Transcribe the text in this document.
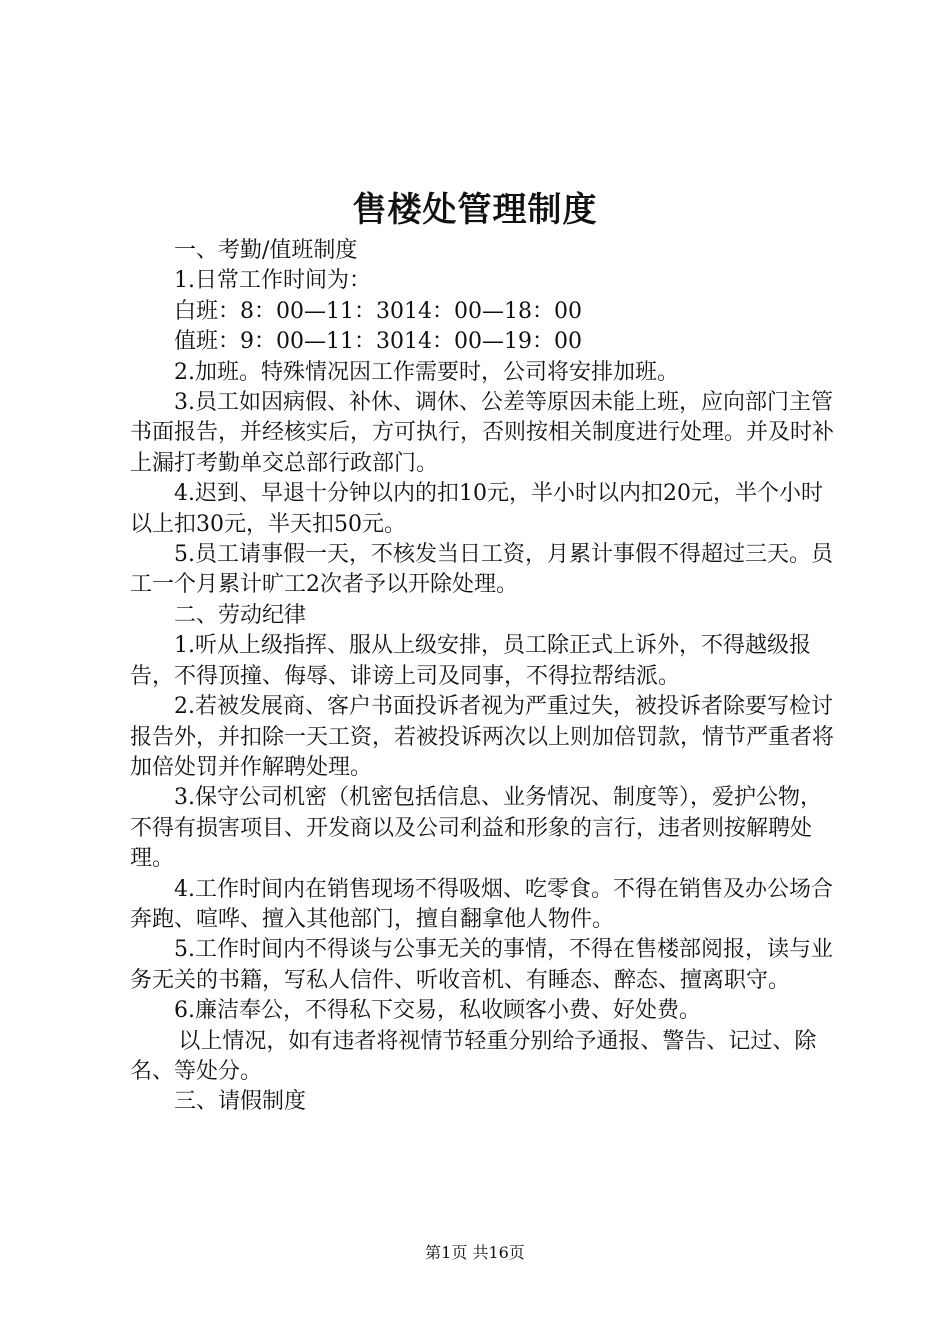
售楼处管理制度

一、考勤/值班制度

1.日常工作时间为：

白班：8：00—11：3014：00—18：00

值班：9：00—11：3014：00—19：00

2.加班。特殊情况因工作需要时，公司将安排加班。

3.员工如因病假、补休、调休、公差等原因未能上班，应向部门主管书面报告，并经核实后，方可执行，否则按相关制度进行处理。并及时补上漏打考勤单交总部行政部门。

4.迟到、早退十分钟以内的扣10元，半小时以内扣20元，半个小时以上扣30元，半天扣50元。

5.员工请事假一天，不核发当日工资，月累计事假不得超过三天。员工一个月累计旷工2次者予以开除处理。

二、劳动纪律

1.听从上级指挥、服从上级安排，员工除正式上诉外，不得越级报告，不得顶撞、侮辱、诽谤上司及同事，不得拉帮结派。

2.若被发展商、客户书面投诉者视为严重过失，被投诉者除要写检讨报告外，并扣除一天工资，若被投诉两次以上则加倍罚款，情节严重者将加倍处罚并作解聘处理。

3.保守公司机密（机密包括信息、业务情况、制度等），爱护公物，不得有损害项目、开发商以及公司利益和形象的言行，违者则按解聘处理。

4.工作时间内在销售现场不得吸烟、吃零食。不得在销售及办公场合奔跑、喧哗、擅入其他部门，擅自翻拿他人物件。

5.工作时间内不得谈与公事无关的事情，不得在售楼部阅报，读与业务无关的书籍，写私人信件、听收音机、有睡态、醉态、擅离职守。

6.廉洁奉公，不得私下交易，私收顾客小费、好处费。

以上情况，如有违者将视情节轻重分别给予通报、警告、记过、除名、等处分。

三、请假制度

第1页 共16页
